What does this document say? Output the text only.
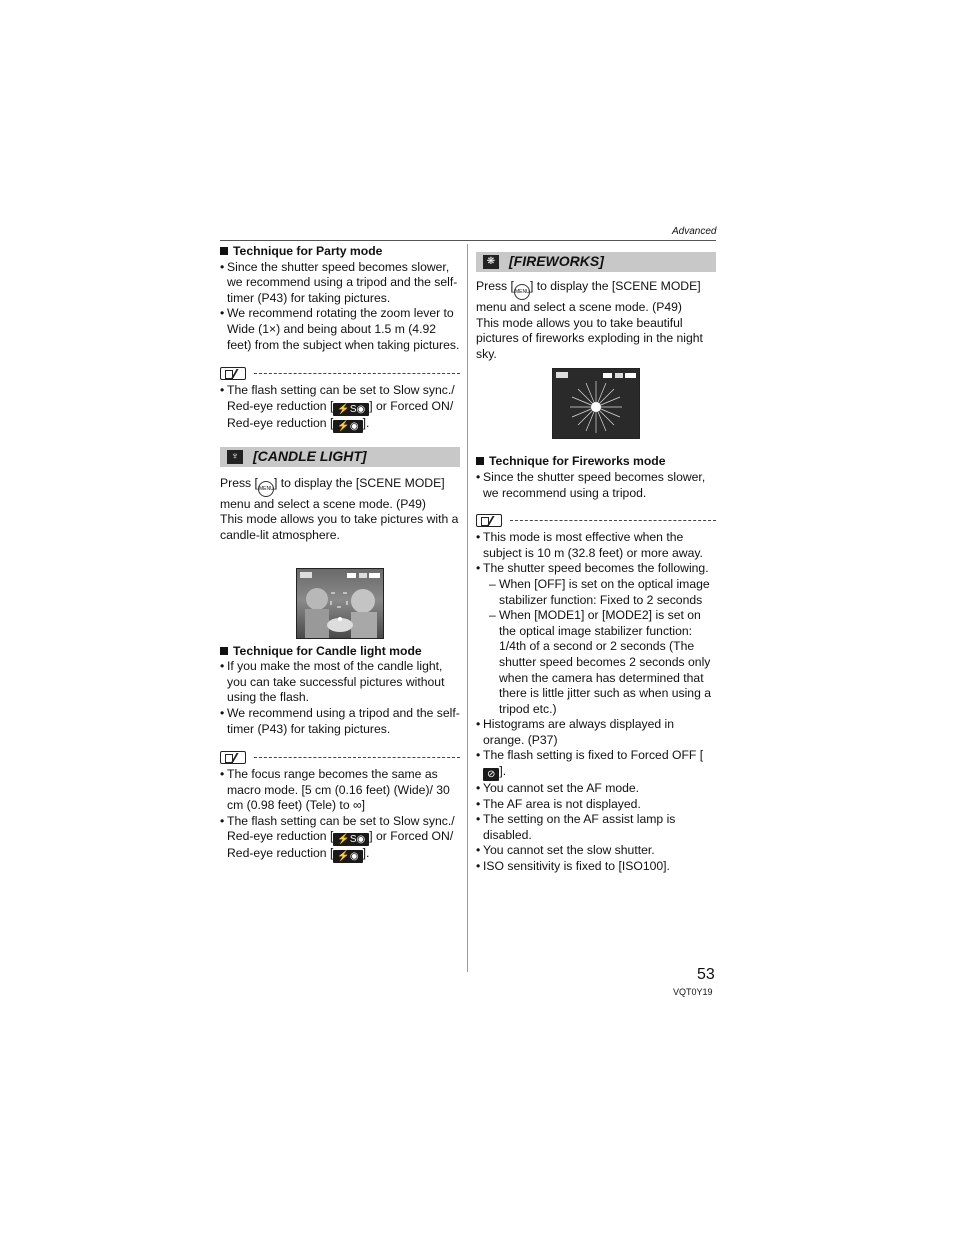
Advanced
Technique for Party mode
• Since the shutter speed becomes slower, we recommend using a tripod and the self-timer (P43) for taking pictures.
• We recommend rotating the zoom lever to Wide (1×) and being about 1.5 m (4.92 feet) from the subject when taking pictures.
• The flash setting can be set to Slow sync./
Red-eye reduction [ ⚡S◉ ] or Forced ON/
Red-eye reduction [ ⚡◉ ].
♆	[CANDLE LIGHT]
Press [MENU] to display the [SCENE MODE] menu and select a scene mode. (P49)
This mode allows you to take pictures with a candle-lit atmosphere.
Technique for Candle light mode
• If you make the most of the candle light, you can take successful pictures without using the flash.
• We recommend using a tripod and the self-timer (P43) for taking pictures.
• The focus range becomes the same as macro mode. [5 cm (0.16 feet) (Wide)/ 30 cm (0.98 feet) (Tele) to ∞]
• The flash setting can be set to Slow sync./
Red-eye reduction [ ⚡S◉ ] or Forced ON/
Red-eye reduction [ ⚡◉ ].
❋ [FIREWORKS]
Press [MENU] to display the [SCENE MODE] menu and select a scene mode. (P49)
This mode allows you to take beautiful pictures of fireworks exploding in the night sky.
Technique for Fireworks mode
• Since the shutter speed becomes slower, we recommend using a tripod.
• This mode is most effective when the subject is 10 m (32.8 feet) or more away.
• The shutter speed becomes the following.
– When [OFF] is set on the optical image stabilizer function: Fixed to 2 seconds
– When [MODE1] or [MODE2] is set on the optical image stabilizer function: 1/4th of a second or 2 seconds (The shutter speed becomes 2 seconds only when the camera has determined that there is little jitter such as when using a tripod etc.)
• Histograms are always displayed in orange. (P37)
• The flash setting is fixed to Forced OFF [⊘ ].
• You cannot set the AF mode.
• The AF area is not displayed.
• The setting on the AF assist lamp is disabled.
• You cannot set the slow shutter.
• ISO sensitivity is fixed to [ISO100].
53
VQT0Y19
